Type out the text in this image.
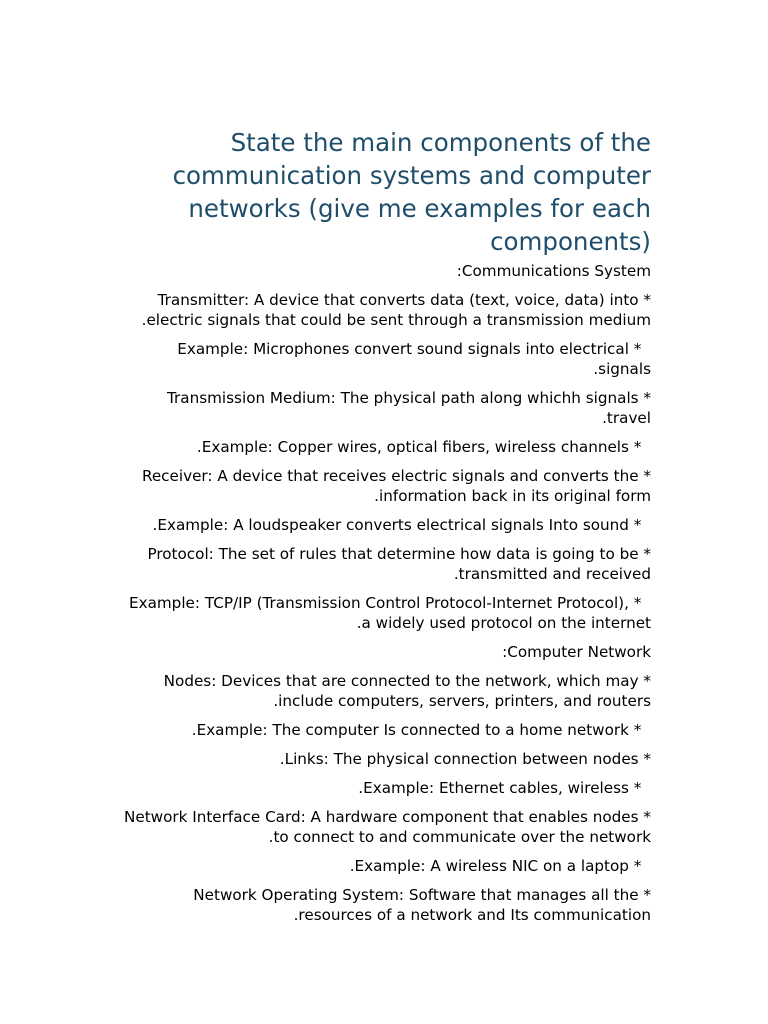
State the main components of the
communication systems and computer
networks (give me examples for each
components)

:Communications System

Transmitter: A device that converts data (text, voice, data) into *
.electric signals that could be sent through a transmission medium

Example: Microphones convert sound signals into electrical *
.signals

Transmission Medium: The physical path along whichh signals *
.travel

.Example: Copper wires, optical fibers, wireless channels *

Receiver: A device that receives electric signals and converts the *
.information back in its original form

.Example: A loudspeaker converts electrical signals Into sound *

Protocol: The set of rules that determine how data is going to be *
.transmitted and received

Example: TCP/IP (Transmission Control Protocol-Internet Protocol), *
.a widely used protocol on the internet

:Computer Network

Nodes: Devices that are connected to the network, which may *
.include computers, servers, printers, and routers

.Example: The computer Is connected to a home network *

.Links: The physical connection between nodes *

.Example: Ethernet cables, wireless *

Network Interface Card: A hardware component that enables nodes *
.to connect to and communicate over the network

.Example: A wireless NIC on a laptop *

Network Operating System: Software that manages all the *
.resources of a network and Its communication
